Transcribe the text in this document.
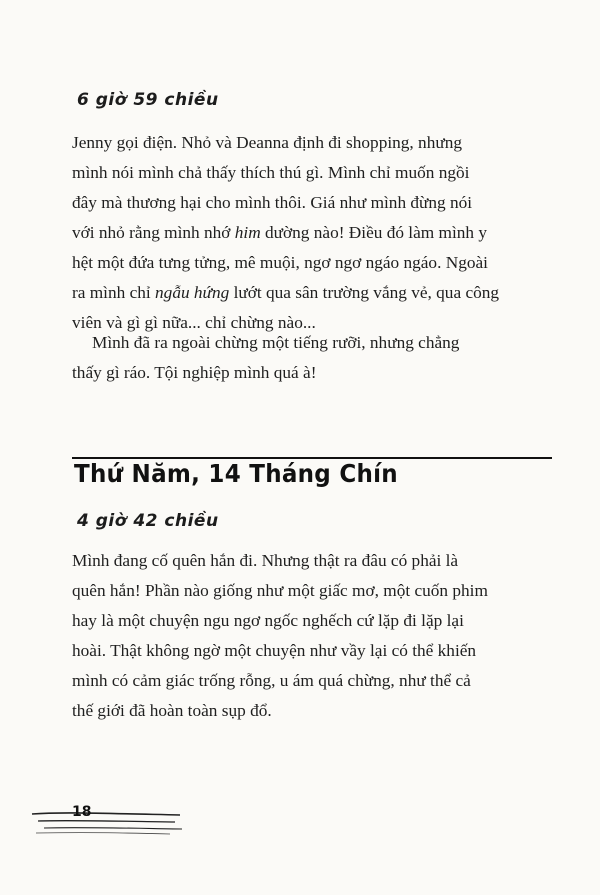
6 giờ 59 chiều

Jenny gọi điện. Nhỏ và Deanna định đi shopping, nhưng
mình nói mình chả thấy thích thú gì. Mình chỉ muốn ngồi
đây mà thương hại cho mình thôi. Giá như mình đừng nói
với nhỏ rằng mình nhớ him dường nào! Điều đó làm mình y
hệt một đứa tưng tửng, mê muội, ngơ ngơ ngáo ngáo. Ngoài
ra mình chỉ ngẫu hứng lướt qua sân trường vắng vẻ, qua công
viên và gì gì nữa... chỉ chừng nào...

Mình đã ra ngoài chừng một tiếng rưỡi, nhưng chẳng
thấy gì ráo. Tội nghiệp mình quá à!

Thứ Năm, 14 Tháng Chín
4 giờ 42 chiều

Mình đang cố quên hắn đi. Nhưng thật ra đâu có phải là
quên hắn! Phần nào giống như một giấc mơ, một cuốn phim
hay là một chuyện ngu ngơ ngốc nghếch cứ lặp đi lặp lại
hoài. Thật không ngờ một chuyện như vầy lại có thể khiến
mình có cảm giác trống rỗng, u ám quá chừng, như thể cả
thế giới đã hoàn toàn sụp đổ.

18
